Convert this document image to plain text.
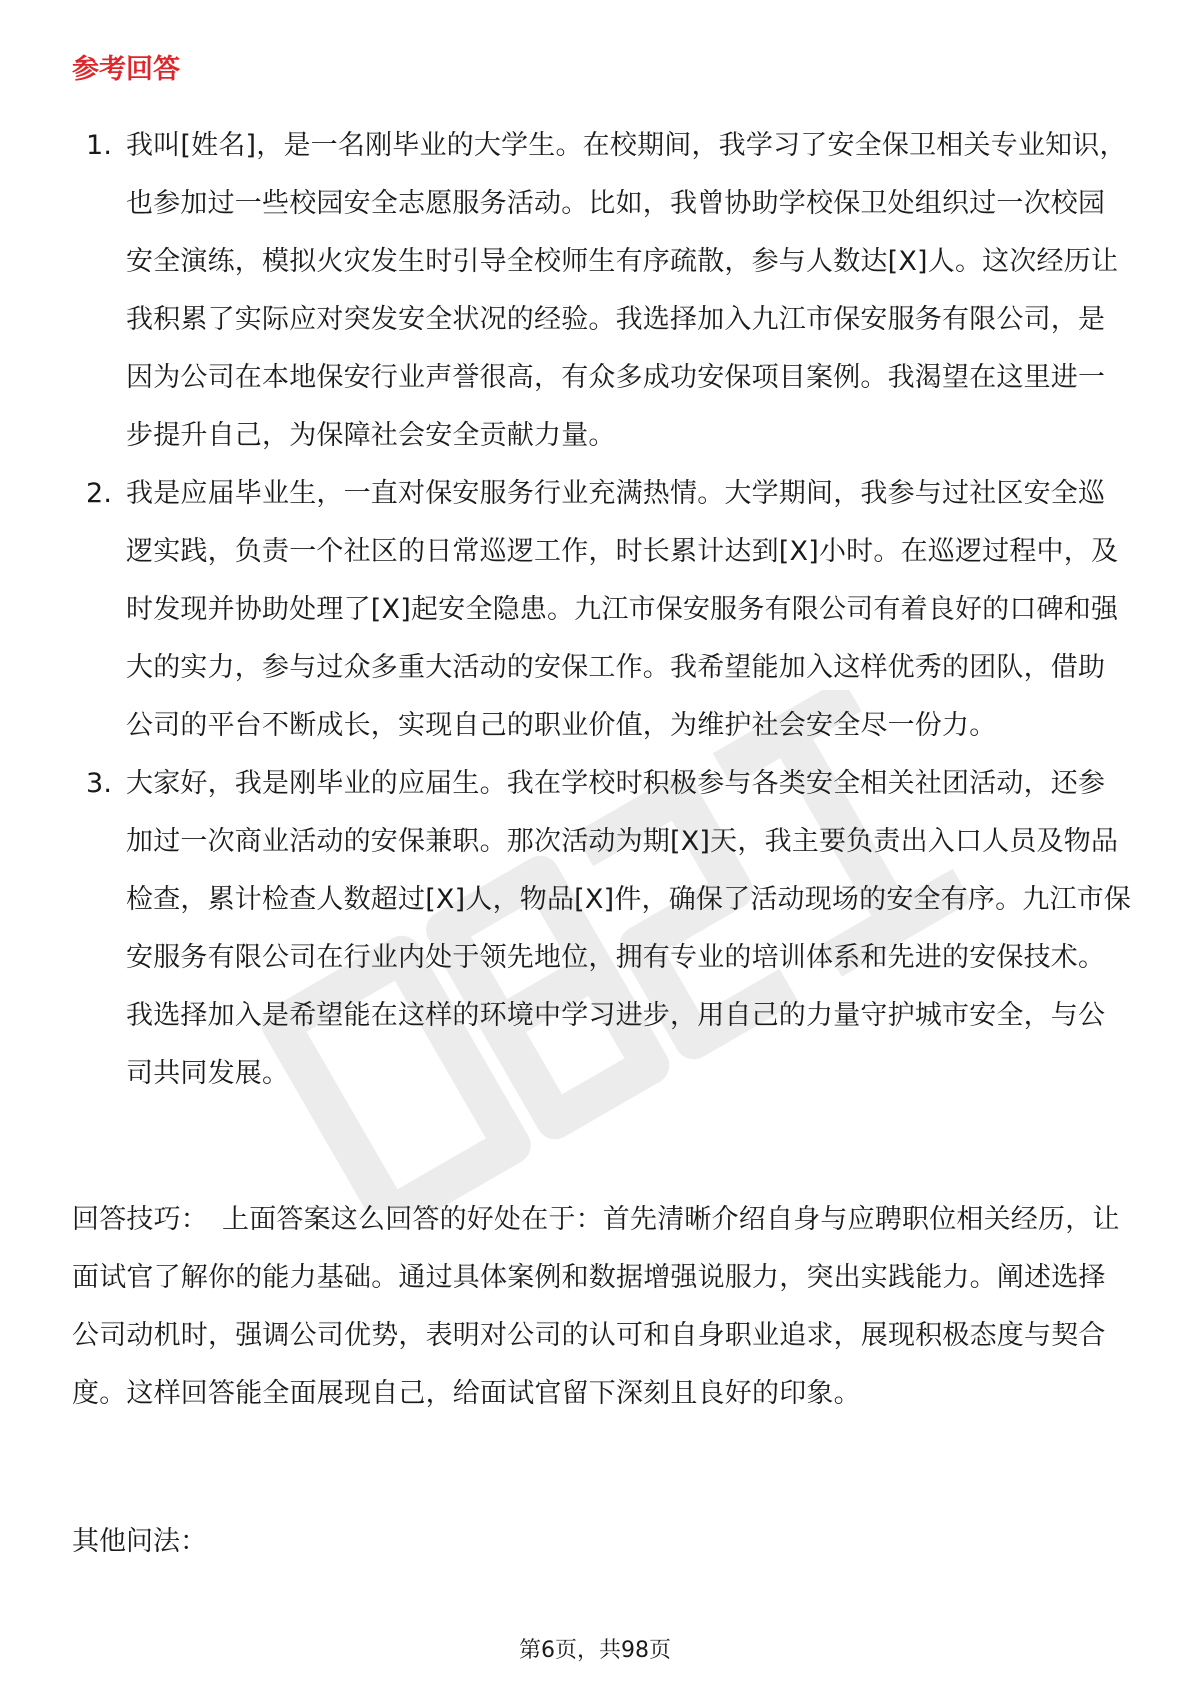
参考回答
1. 我叫[姓名]，是一名刚毕业的大学生。在校期间，我学习了安全保卫相关专业知识，也参加过一些校园安全志愿服务活动。比如，我曾协助学校保卫处组织过一次校园安全演练，模拟火灾发生时引导全校师生有序疏散，参与人数达[X]人。这次经历让我积累了实际应对突发安全状况的经验。我选择加入九江市保安服务有限公司，是因为公司在本地保安行业声誉很高，有众多成功安保项目案例。我渴望在这里进一步提升自己，为保障社会安全贡献力量。
2. 我是应届毕业生，一直对保安服务行业充满热情。大学期间，我参与过社区安全巡逻实践，负责一个社区的日常巡逻工作，时长累计达到[X]小时。在巡逻过程中，及时发现并协助处理了[X]起安全隐患。九江市保安服务有限公司有着良好的口碑和强大的实力，参与过众多重大活动的安保工作。我希望能加入这样优秀的团队，借助公司的平台不断成长，实现自己的职业价值，为维护社会安全尽一份力。
3. 大家好，我是刚毕业的应届生。我在学校时积极参与各类安全相关社团活动，还参加过一次商业活动的安保兼职。那次活动为期[X]天，我主要负责出入口人员及物品检查，累计检查人数超过[X]人，物品[X]件，确保了活动现场的安全有序。九江市保安服务有限公司在行业内处于领先地位，拥有专业的培训体系和先进的安保技术。我选择加入是希望能在这样的环境中学习进步，用自己的力量守护城市安全，与公司共同发展。

回答技巧： 上面答案这么回答的好处在于：首先清晰介绍自身与应聘职位相关经历，让面试官了解你的能力基础。通过具体案例和数据增强说服力，突出实践能力。阐述选择公司动机时，强调公司优势，表明对公司的认可和自身职业追求，展现积极态度与契合度。这样回答能全面展现自己，给面试官留下深刻且良好的印象。

其他问法：

第6页，共98页
